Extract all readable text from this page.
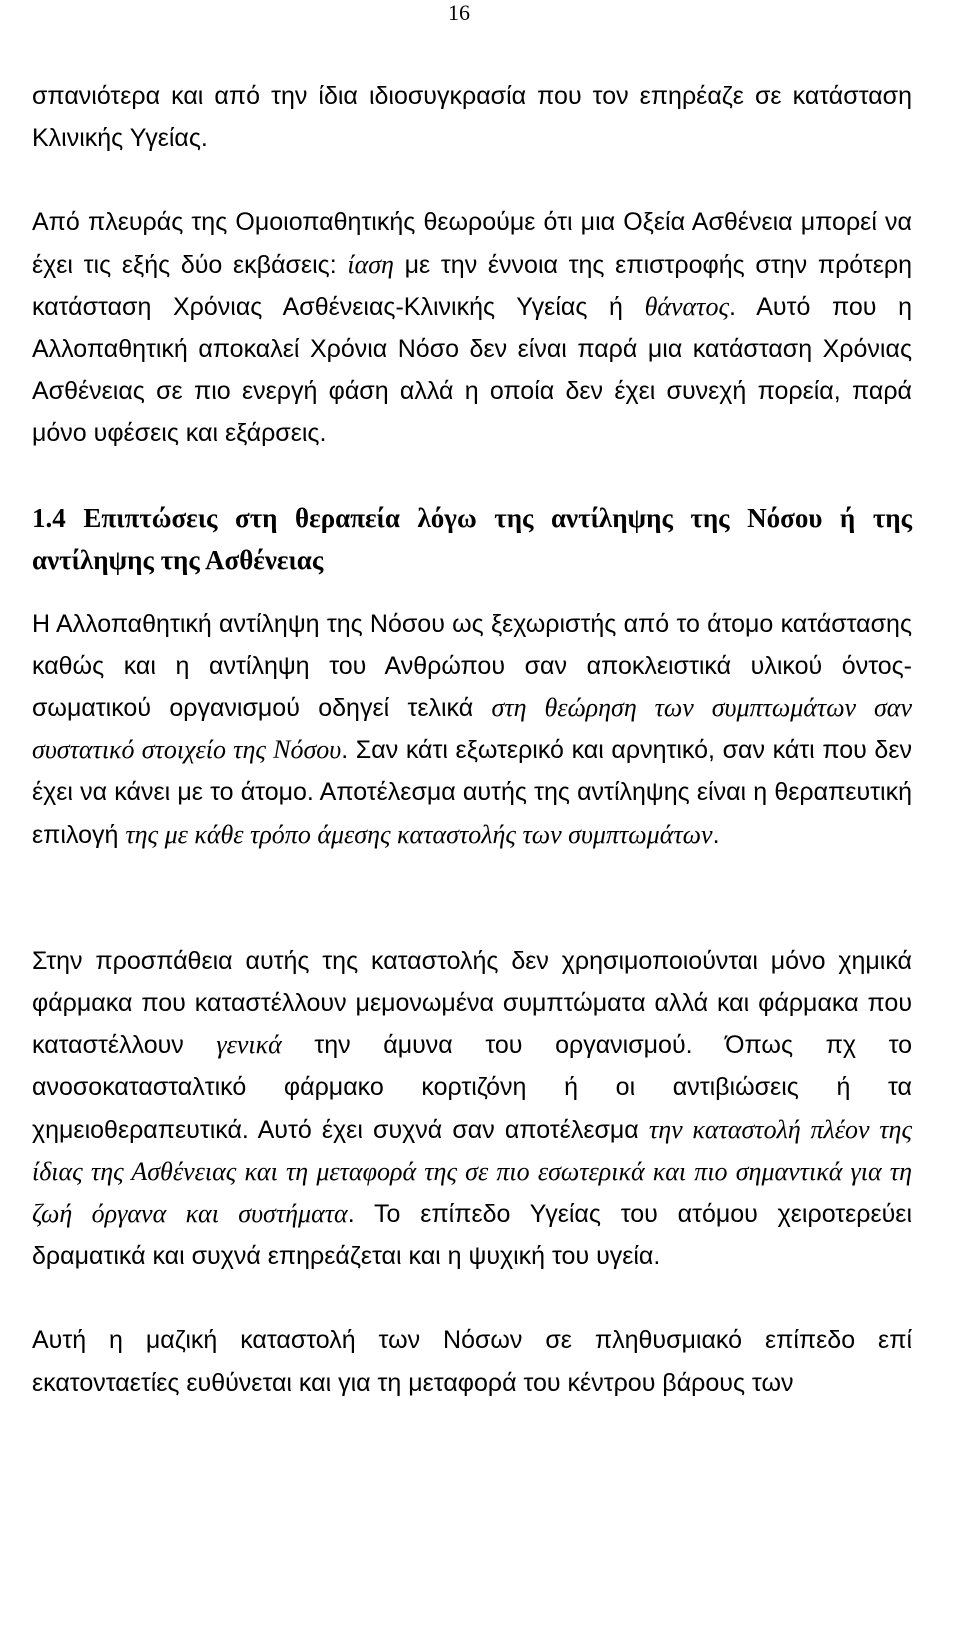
16

σπανιότερα και από την ίδια ιδιοσυγκρασία που τον επηρέαζε σε κατάσταση Κλινικής Υγείας.

Από πλευράς της Ομοιοπαθητικής θεωρούμε ότι μια Οξεία Ασθένεια μπορεί να έχει τις εξής δύο εκβάσεις: ίαση με την έννοια της επιστροφής στην πρότερη κατάσταση Χρόνιας Ασθένειας-Κλινικής Υγείας ή θάνατος. Αυτό που η Αλλοπαθητική αποκαλεί Χρόνια Νόσο δεν είναι παρά μια κατάσταση Χρόνιας Ασθένειας σε πιο ενεργή φάση αλλά η οποία δεν έχει συνεχή πορεία, παρά μόνο υφέσεις και εξάρσεις.

1.4 Επιπτώσεις στη θεραπεία λόγω της αντίληψης της Νόσου ή της αντίληψης της Ασθένειας

Η Αλλοπαθητική αντίληψη της Νόσου ως ξεχωριστής από το άτομο κατάστασης καθώς και η αντίληψη του Ανθρώπου σαν αποκλειστικά υλικού όντος-σωματικού οργανισμού οδηγεί τελικά στη θεώρηση των συμπτωμάτων σαν συστατικό στοιχείο της Νόσου. Σαν κάτι εξωτερικό και αρνητικό, σαν κάτι που δεν έχει να κάνει με το άτομο. Αποτέλεσμα αυτής της αντίληψης είναι η θεραπευτική επιλογή της με κάθε τρόπο άμεσης καταστολής των συμπτωμάτων.

Στην προσπάθεια αυτής της καταστολής δεν χρησιμοποιούνται μόνο χημικά φάρμακα που καταστέλλουν μεμονωμένα συμπτώματα αλλά και φάρμακα που καταστέλλουν γενικά την άμυνα του οργανισμού. Όπως πχ το ανοσοκατασταλτικό φάρμακο κορτιζόνη ή οι αντιβιώσεις ή τα χημειοθεραπευτικά. Αυτό έχει συχνά σαν αποτέλεσμα την καταστολή πλέον της ίδιας της Ασθένειας και τη μεταφορά της σε πιο εσωτερικά και πιο σημαντικά για τη ζωή όργανα και συστήματα. Το επίπεδο Υγείας του ατόμου χειροτερεύει δραματικά και συχνά επηρεάζεται και η ψυχική του υγεία.

Αυτή η μαζική καταστολή των Νόσων σε πληθυσμιακό επίπεδο επί εκατονταετίες ευθύνεται και για τη μεταφορά του κέντρου βάρους των
